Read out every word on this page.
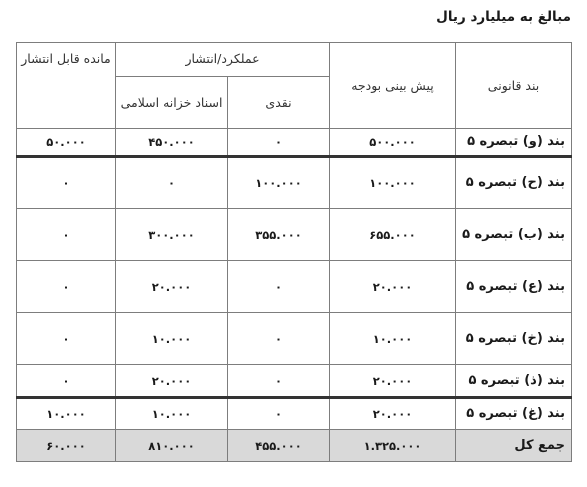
مبالغ به میلیارد ریال
بند قانونی	پیش بینی بودجه	عملکرد/انتشار		مانده قابل انتشار
		نقدی	اسناد خزانه اسلامی	
بند (و) تبصره ۵	۵۰۰.۰۰۰	۰	۴۵۰.۰۰۰	۵۰.۰۰۰
بند (ح) تبصره ۵	۱۰۰.۰۰۰	۱۰۰.۰۰۰	۰	۰
بند (ب) تبصره ۵	۶۵۵.۰۰۰	۳۵۵.۰۰۰	۳۰۰.۰۰۰	۰
بند (ع) تبصره ۵	۲۰.۰۰۰	۰	۲۰.۰۰۰	۰
بند (خ) تبصره ۵	۱۰.۰۰۰	۰	۱۰.۰۰۰	۰
بند (ذ) تبصره ۵	۲۰.۰۰۰	۰	۲۰.۰۰۰	۰
بند (غ) تبصره ۵	۲۰.۰۰۰	۰	۱۰.۰۰۰	۱۰.۰۰۰
جمع کل	۱.۳۲۵.۰۰۰	۴۵۵.۰۰۰	۸۱۰.۰۰۰	۶۰.۰۰۰
